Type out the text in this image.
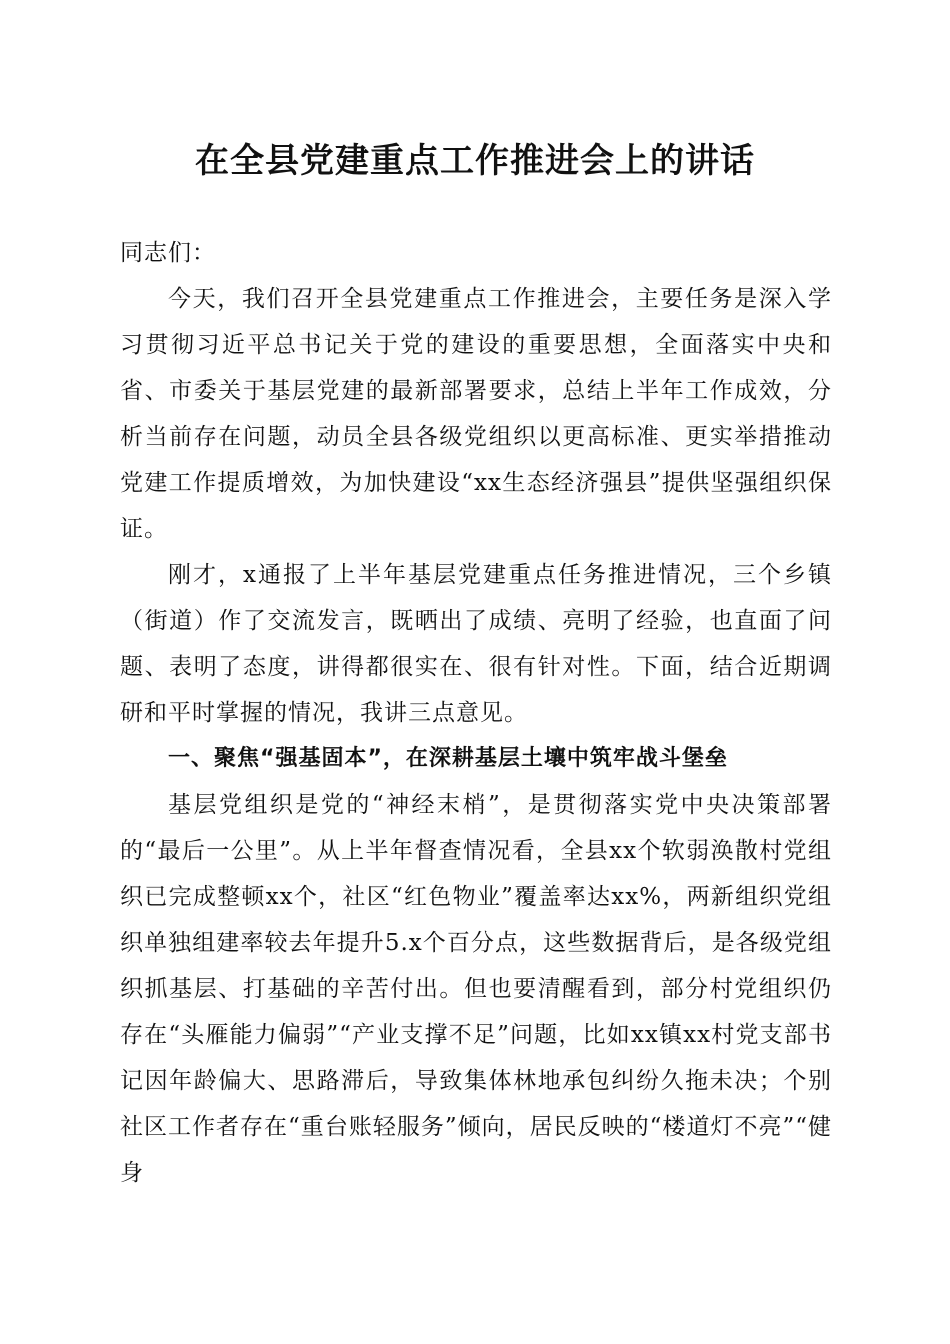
在全县党建重点工作推进会上的讲话

同志们：

今天，我们召开全县党建重点工作推进会，主要任务是深入学习贯彻习近平总书记关于党的建设的重要思想，全面落实中央和省、市委关于基层党建的最新部署要求，总结上半年工作成效，分析当前存在问题，动员全县各级党组织以更高标准、更实举措推动党建工作提质增效，为加快建设“xx生态经济强县”提供坚强组织保证。

刚才，x通报了上半年基层党建重点任务推进情况，三个乡镇（街道）作了交流发言，既晒出了成绩、亮明了经验，也直面了问题、表明了态度，讲得都很实在、很有针对性。下面，结合近期调研和平时掌握的情况，我讲三点意见。

一、聚焦“强基固本”，在深耕基层土壤中筑牢战斗堡垒

基层党组织是党的“神经末梢”，是贯彻落实党中央决策部署的“最后一公里”。从上半年督查情况看，全县xx个软弱涣散村党组织已完成整顿xx个，社区“红色物业”覆盖率达xx%，两新组织党组织单独组建率较去年提升5.x个百分点，这些数据背后，是各级党组织抓基层、打基础的辛苦付出。但也要清醒看到，部分村党组织仍存在“头雁能力偏弱”“产业支撑不足”问题，比如xx镇xx村党支部书记因年龄偏大、思路滞后，导致集体林地承包纠纷久拖未决；个别社区工作者存在“重台账轻服务”倾向，居民反映的“楼道灯不亮”“健身
